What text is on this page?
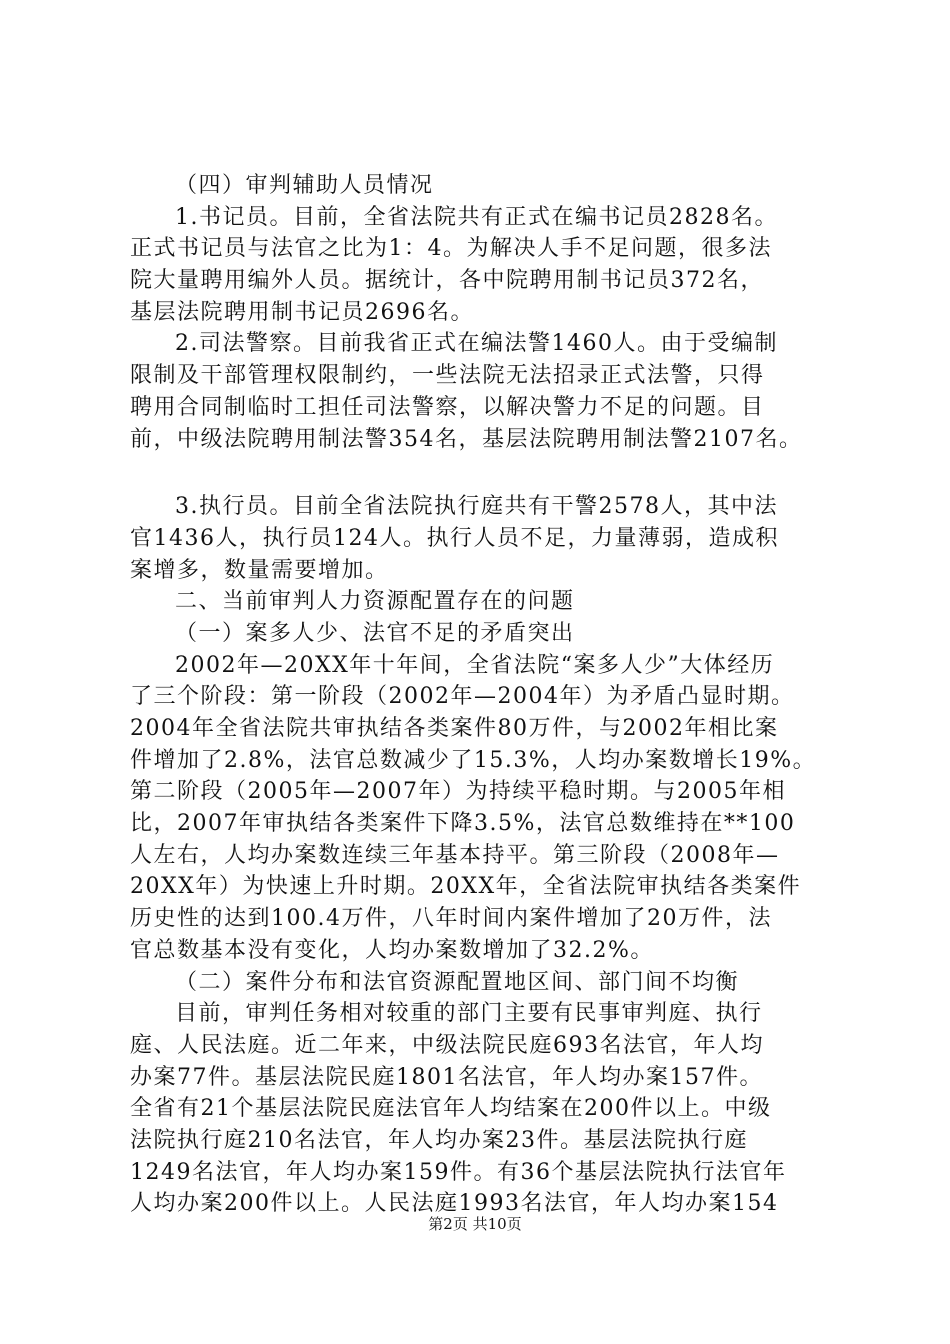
（四）审判辅助人员情况
1.书记员。目前，全省法院共有正式在编书记员2828名。
正式书记员与法官之比为1：4。为解决人手不足问题，很多法
院大量聘用编外人员。据统计，各中院聘用制书记员372名，
基层法院聘用制书记员2696名。
2.司法警察。目前我省正式在编法警1460人。由于受编制
限制及干部管理权限制约，一些法院无法招录正式法警，只得
聘用合同制临时工担任司法警察，以解决警力不足的问题。目
前，中级法院聘用制法警354名，基层法院聘用制法警2107名。
3.执行员。目前全省法院执行庭共有干警2578人，其中法
官1436人，执行员124人。执行人员不足，力量薄弱，造成积
案增多，数量需要增加。
二、当前审判人力资源配置存在的问题
（一）案多人少、法官不足的矛盾突出
2002年—20XX年十年间，全省法院“案多人少”大体经历
了三个阶段：第一阶段（2002年—2004年）为矛盾凸显时期。
2004年全省法院共审执结各类案件80万件，与2002年相比案
件增加了2.8%，法官总数减少了15.3%，人均办案数增长19%。
第二阶段（2005年—2007年）为持续平稳时期。与2005年相
比，2007年审执结各类案件下降3.5%，法官总数维持在**100
人左右，人均办案数连续三年基本持平。第三阶段（2008年—
20XX年）为快速上升时期。20XX年，全省法院审执结各类案件
历史性的达到100.4万件，八年时间内案件增加了20万件，法
官总数基本没有变化，人均办案数增加了32.2%。
（二）案件分布和法官资源配置地区间、部门间不均衡
目前，审判任务相对较重的部门主要有民事审判庭、执行
庭、人民法庭。近二年来，中级法院民庭693名法官，年人均
办案77件。基层法院民庭1801名法官，年人均办案157件。
全省有21个基层法院民庭法官年人均结案在200件以上。中级
法院执行庭210名法官，年人均办案23件。基层法院执行庭
1249名法官，年人均办案159件。有36个基层法院执行法官年
人均办案200件以上。人民法庭1993名法官，年人均办案154
第2页 共10页
